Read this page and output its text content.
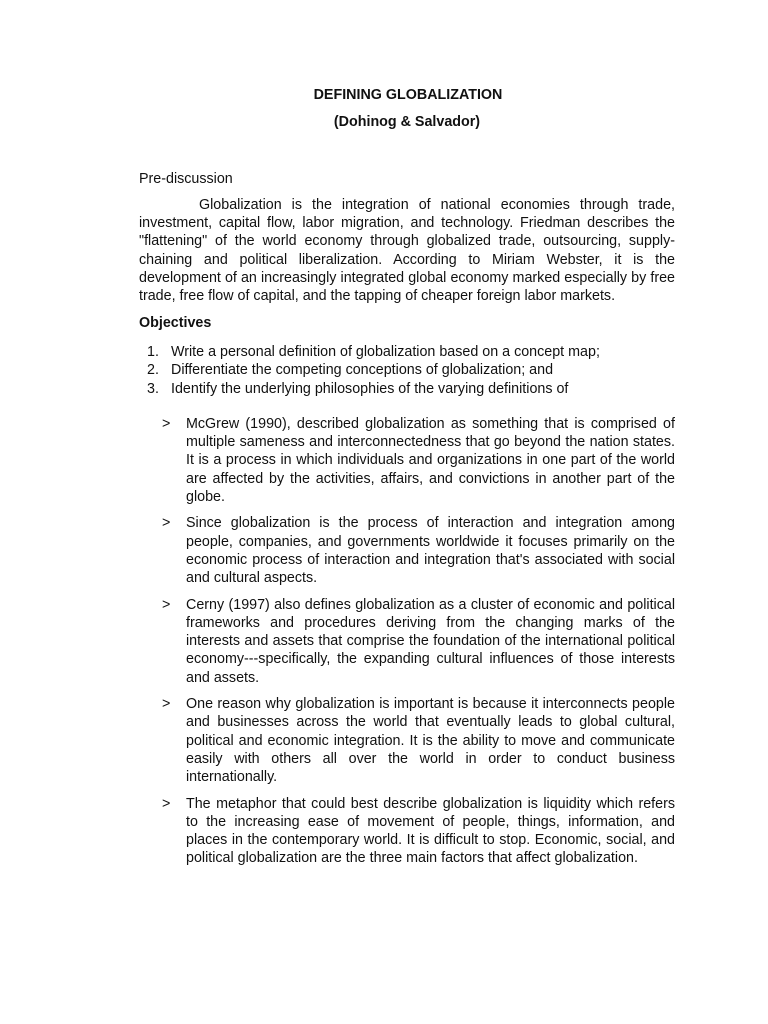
DEFINING GLOBALIZATION

(Dohinog & Salvador)

Pre-discussion

Globalization is the integration of national economies through trade, investment, capital flow, labor migration, and technology. Friedman describes the "flattening" of the world economy through globalized trade, outsourcing, supply-chaining and political liberalization. According to Miriam Webster, it is the development of an increasingly integrated global economy marked especially by free trade, free flow of capital, and the tapping of cheaper foreign labor markets.

Objectives

1. Write a personal definition of globalization based on a concept map;
2. Differentiate the competing conceptions of globalization; and
3. Identify the underlying philosophies of the varying definitions of
>	McGrew (1990), described globalization as something that is comprised of multiple sameness and interconnectedness that go beyond the nation states. It is a process in which individuals and organizations in one part of the world are affected by the activities, affairs, and convictions in another part of the globe.
>	Since globalization is the process of interaction and integration among people, companies, and governments worldwide it focuses primarily on the economic process of interaction and integration that's associated with social and cultural aspects.
>	Cerny (1997) also defines globalization as a cluster of economic and political frameworks and procedures deriving from the changing marks of the interests and assets that comprise the foundation of the international political economy---specifically, the expanding cultural influences of those interests and assets.
>	One reason why globalization is important is because it interconnects people and businesses across the world that eventually leads to global cultural, political and economic integration. It is the ability to move and communicate easily with others all over the world in order to conduct business internationally.
>	The metaphor that could best describe globalization is liquidity which refers to the increasing ease of movement of people, things, information, and places in the contemporary world. It is difficult to stop. Economic, social, and political globalization are the three main factors that affect globalization.
